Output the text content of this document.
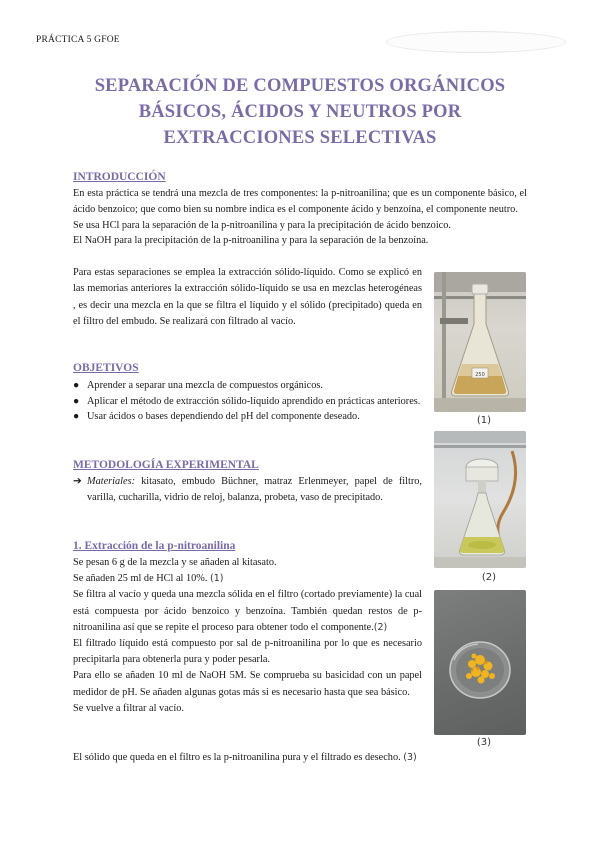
PRÁCTICA 5 GFOE
SEPARACIÓN DE COMPUESTOS ORGÁNICOS
BÁSICOS, ÁCIDOS Y NEUTROS POR
EXTRACCIONES SELECTIVAS
INTRODUCCIÓN

En esta práctica se tendrá una mezcla de tres componentes: la p-nitroanilina; que es un componente básico, el ácido benzoico; que como bien su nombre indica es el componente ácido y benzoína, el componente neutro.

Se usa HCl para la separación de la p-nitroanilina y para la precipitación de ácido benzoico.

El NaOH para la precipitación de la p-nitroanilina y para la separación de la benzoína.

Para estas separaciones se emplea la extracción sólido-líquido. Como se explicó en las memorias anteriores la extracción sólido-líquido se usa en mezclas heterogéneas , es decir una mezcla en la que se filtra el líquido y el sólido (precipitado) queda en el filtro del embudo. Se realizará con filtrado al vacío.
OBJETIVOS
● Aprender a separar una mezcla de compuestos orgánicos.
● Aplicar el método de extracción sólido-líquido aprendido en prácticas anteriores.
● Usar ácidos o bases dependiendo del pH del componente deseado.
METODOLOGÍA EXPERIMENTAL
➔ Materiales: kitasato, embudo Büchner, matraz Erlenmeyer, papel de filtro, varilla, cucharilla, vidrio de reloj, balanza, probeta, vaso de precipitado.
1. Extracción de la p-nitroanilina

Se pesan 6 g de la mezcla y se añaden al kitasato.

Se añaden 25 ml de HCl al 10%. (1)

Se filtra al vacío y queda una mezcla sólida en el filtro (cortado previamente) la cual está compuesta por ácido benzoico y benzoína. También quedan restos de p-nitroanilina así que se repite el proceso para obtener todo el componente.(2)

El filtrado líquido está compuesto por sal de p-nitroanilina por lo que es necesario precipitarla para obtenerla pura y poder pesarla.

Para ello se añaden 10 ml de NaOH 5M. Se comprueba su basicidad con un papel medidor de pH. Se añaden algunas gotas más si es necesario hasta que sea básico.

Se vuelve a filtrar al vacío.

El sólido que queda en el filtro es la p-nitroanilina pura y el filtrado es desecho. (3)
250
(1)
(2)
(3)
